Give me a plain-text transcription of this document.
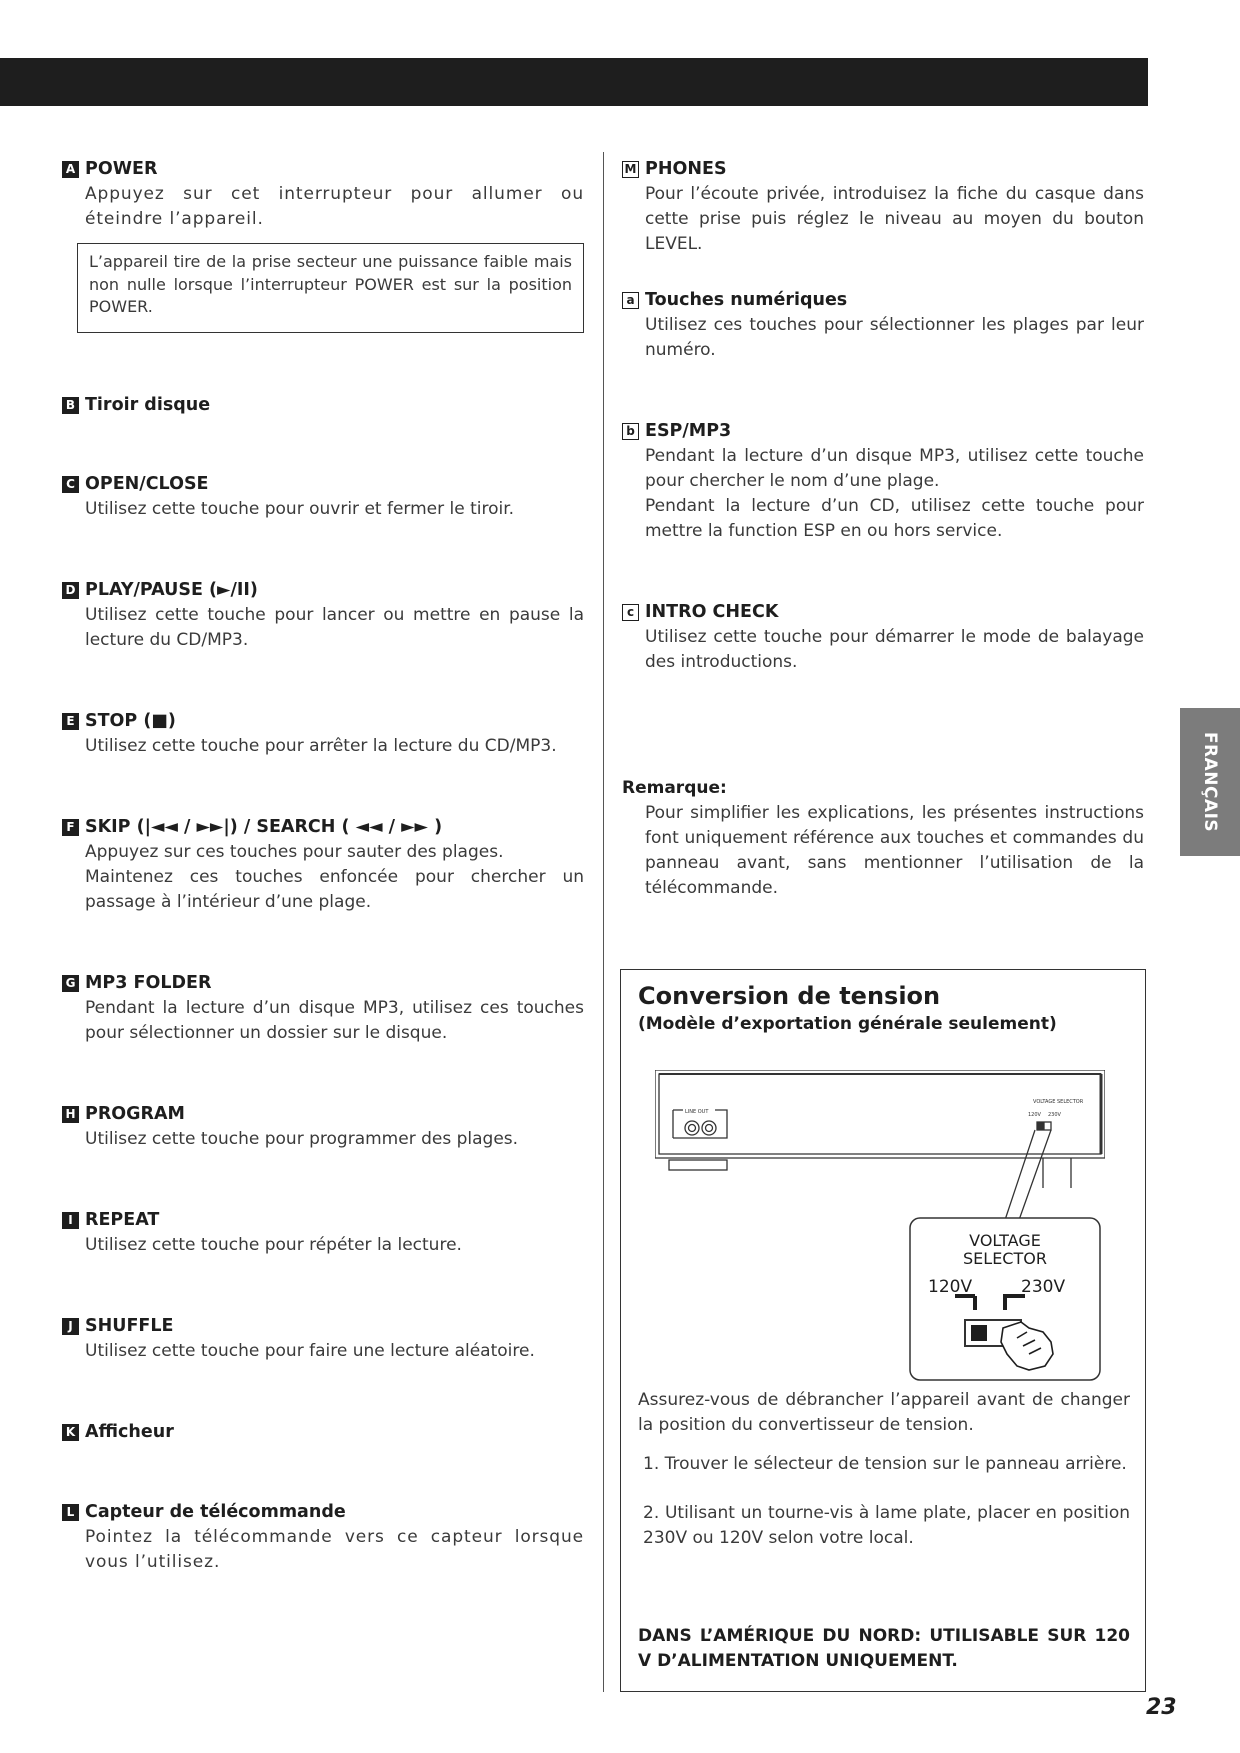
A POWER
Appuyez sur cet interrupteur pour allumer ou éteindre l’appareil.
L’appareil tire de la prise secteur une puissance faible mais non nulle lorsque l’interrupteur POWER est sur la position POWER.
B Tiroir disque
C OPEN/CLOSE
Utilisez cette touche pour ouvrir et fermer le tiroir.
D PLAY/PAUSE (►/II)
Utilisez cette touche pour lancer ou mettre en pause la lecture du CD/MP3.
E STOP (■)
Utilisez cette touche pour arrêter la lecture du CD/MP3.
F SKIP (|◄◄ / ►►|) / SEARCH ( ◄◄ / ►► )
Appuyez sur ces touches pour sauter des plages.
Maintenez ces touches enfoncée pour chercher un passage à l’intérieur d’une plage.
G MP3 FOLDER
Pendant la lecture d’un disque MP3, utilisez ces touches pour sélectionner un dossier sur le disque.
H PROGRAM
Utilisez cette touche pour programmer des plages.
I REPEAT
Utilisez cette touche pour répéter la lecture.
J SHUFFLE
Utilisez cette touche pour faire une lecture aléatoire.
K Afficheur
L Capteur de télécommande
Pointez la télécommande vers ce capteur lorsque vous l’utilisez.
M PHONES
Pour l’écoute privée, introduisez la fiche du casque dans cette prise puis réglez le niveau au moyen du bouton LEVEL.
a Touches numériques
Utilisez ces touches pour sélectionner les plages par leur numéro.
b ESP/MP3
Pendant la lecture d’un disque MP3, utilisez cette touche pour chercher le nom d’une plage.
Pendant la lecture d’un CD, utilisez cette touche pour mettre la function ESP en ou hors service.
c INTRO CHECK
Utilisez cette touche pour démarrer le mode de balayage des introductions.
Remarque:
Pour simplifier les explications, les présentes instructions font uniquement référence aux touches et commandes du panneau avant, sans mentionner l’utilisation de la télécommande.
Conversion de tension
(Modèle d’exportation générale seulement)
LINE OUT
VOLTAGE SELECTOR
120V 230V
VOLTAGE
SELECTOR
120V	230V
Assurez-vous de débrancher l’appareil avant de changer la position du convertisseur de tension.
1. Trouver le sélecteur de tension sur le panneau arrière.
2. Utilisant un tourne-vis à lame plate, placer en position 230V ou 120V selon votre local.
DANS L’AMÉRIQUE DU NORD: UTILISABLE SUR 120 V D’ALIMENTATION UNIQUEMENT.
FRANÇAIS
23
